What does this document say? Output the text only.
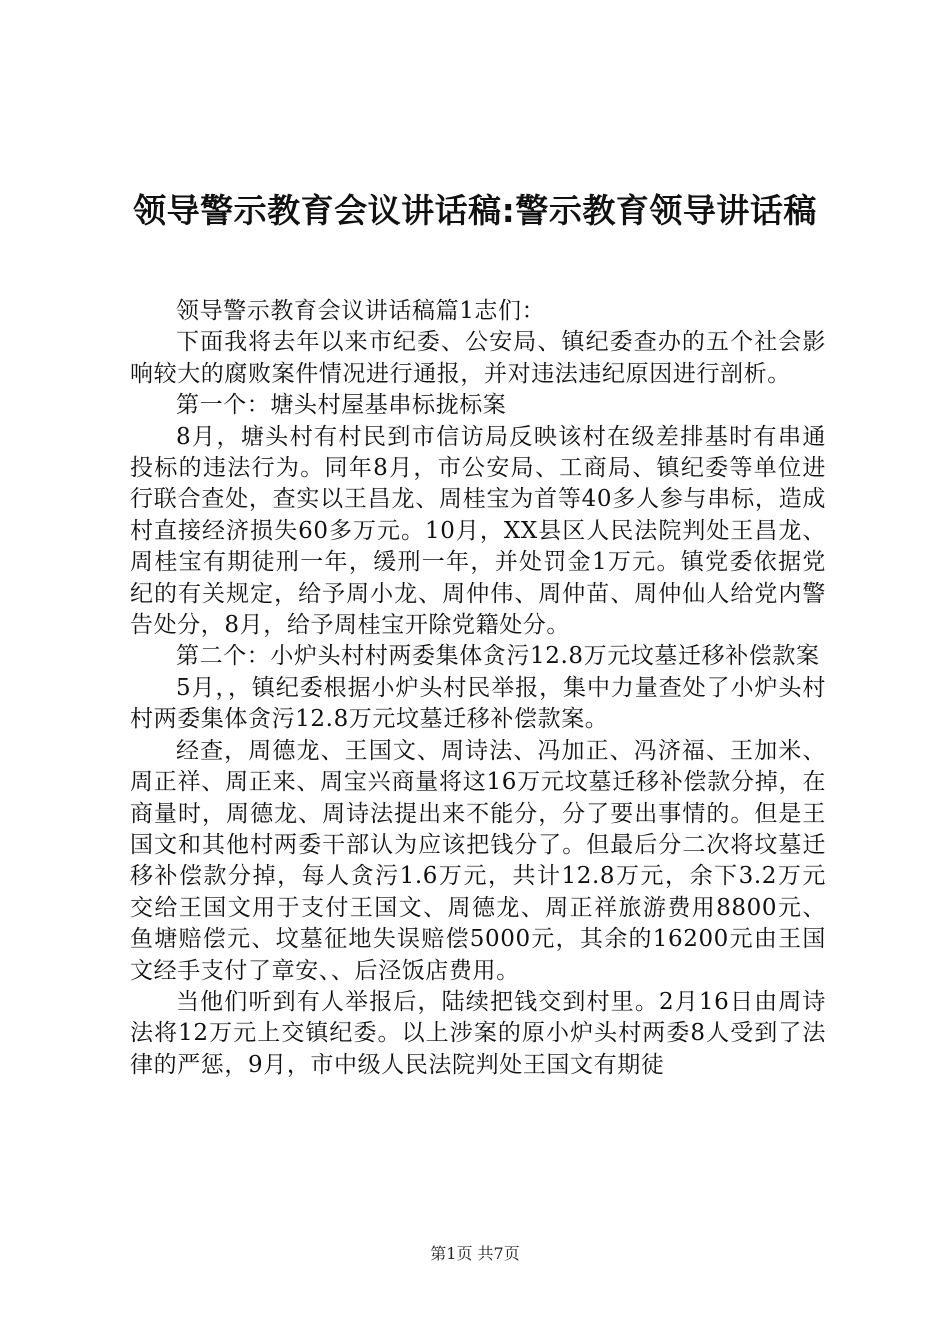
领导警示教育会议讲话稿:警示教育领导讲话稿

领导警示教育会议讲话稿篇1志们：

下面我将去年以来市纪委、公安局、镇纪委查办的五个社会影响较大的腐败案件情况进行通报，并对违法违纪原因进行剖析。

第一个：塘头村屋基串标拢标案

8月，塘头村有村民到市信访局反映该村在级差排基时有串通投标的违法行为。同年8月，市公安局、工商局、镇纪委等单位进行联合查处，查实以王昌龙、周桂宝为首等40多人参与串标，造成村直接经济损失60多万元。10月，XX县区人民法院判处王昌龙、周桂宝有期徒刑一年，缓刑一年，并处罚金1万元。镇党委依据党纪的有关规定，给予周小龙、周仲伟、周仲苗、周仲仙人给党内警告处分，8月，给予周桂宝开除党籍处分。

第二个：小炉头村村两委集体贪污12.8万元坟墓迁移补偿款案

5月，，镇纪委根据小炉头村民举报，集中力量查处了小炉头村村两委集体贪污12.8万元坟墓迁移补偿款案。

经查，周德龙、王国文、周诗法、冯加正、冯济福、王加米、周正祥、周正来、周宝兴商量将这16万元坟墓迁移补偿款分掉，在商量时，周德龙、周诗法提出来不能分，分了要出事情的。但是王国文和其他村两委干部认为应该把钱分了。但最后分二次将坟墓迁移补偿款分掉，每人贪污1.6万元，共计12.8万元，余下3.2万元交给王国文用于支付王国文、周德龙、周正祥旅游费用8800元、鱼塘赔偿元、坟墓征地失误赔偿5000元，其余的16200元由王国文经手支付了章安、、后泾饭店费用。

当他们听到有人举报后，陆续把钱交到村里。2月16日由周诗法将12万元上交镇纪委。以上涉案的原小炉头村两委8人受到了法律的严惩，9月，市中级人民法院判处王国文有期徒

第1页 共7页
